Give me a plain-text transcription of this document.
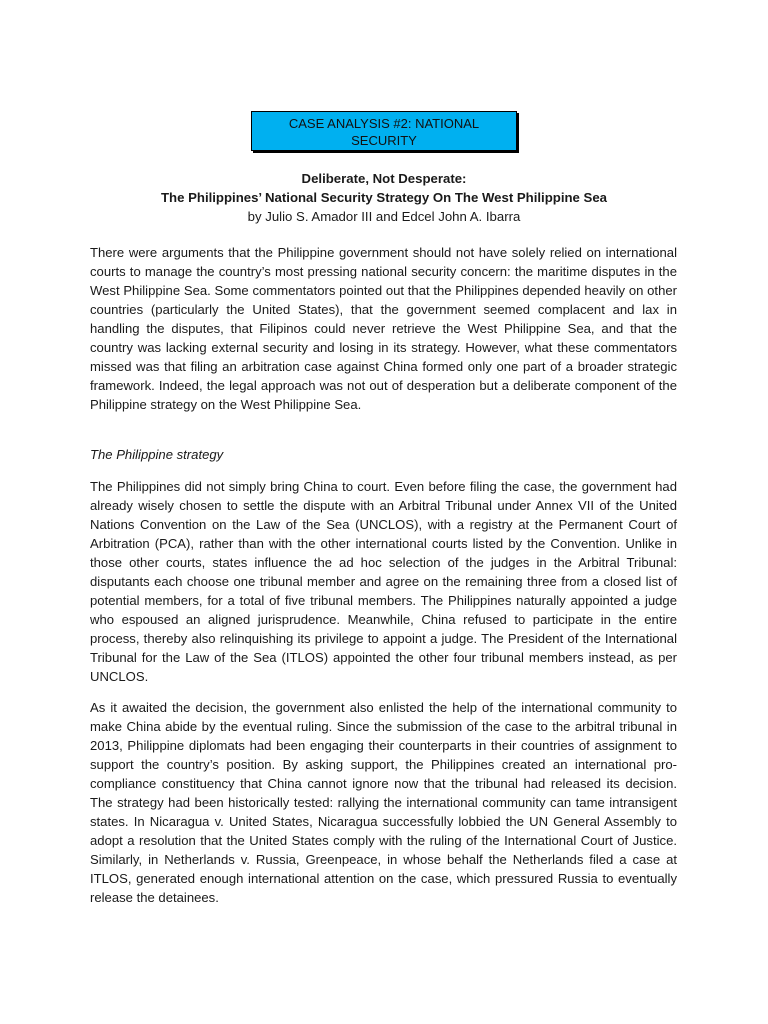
CASE ANALYSIS #2: NATIONAL
SECURITY
Deliberate, Not Desperate:
The Philippines’ National Security Strategy On The West Philippine Sea
by Julio S. Amador III and Edcel John A. Ibarra

There were arguments that the Philippine government should not have solely relied on international courts to manage the country’s most pressing national security concern: the maritime disputes in the West Philippine Sea. Some commentators pointed out that the Philippines depended heavily on other countries (particularly the United States), that the government seemed complacent and lax in handling the disputes, that Filipinos could never retrieve the West Philippine Sea, and that the country was lacking external security and losing in its strategy. However, what these commentators missed was that filing an arbitration case against China formed only one part of a broader strategic framework. Indeed, the legal approach was not out of desperation but a deliberate component of the Philippine strategy on the West Philippine Sea.

The Philippine strategy

The Philippines did not simply bring China to court. Even before filing the case, the government had already wisely chosen to settle the dispute with an Arbitral Tribunal under Annex VII of the United Nations Convention on the Law of the Sea (UNCLOS), with a registry at the Permanent Court of Arbitration (PCA), rather than with the other international courts listed by the Convention. Unlike in those other courts, states influence the ad hoc selection of the judges in the Arbitral Tribunal: disputants each choose one tribunal member and agree on the remaining three from a closed list of potential members, for a total of five tribunal members. The Philippines naturally appointed a judge who espoused an aligned jurisprudence. Meanwhile, China refused to participate in the entire process, thereby also relinquishing its privilege to appoint a judge. The President of the International Tribunal for the Law of the Sea (ITLOS) appointed the other four tribunal members instead, as per UNCLOS.

As it awaited the decision, the government also enlisted the help of the international community to make China abide by the eventual ruling. Since the submission of the case to the arbitral tribunal in 2013, Philippine diplomats had been engaging their counterparts in their countries of assignment to support the country’s position. By asking support, the Philippines created an international pro-compliance constituency that China cannot ignore now that the tribunal had released its decision. The strategy had been historically tested: rallying the international community can tame intransigent states. In Nicaragua v. United States, Nicaragua successfully lobbied the UN General Assembly to adopt a resolution that the United States comply with the ruling of the International Court of Justice. Similarly, in Netherlands v. Russia, Greenpeace, in whose behalf the Netherlands filed a case at ITLOS, generated enough international attention on the case, which pressured Russia to eventually release the detainees.
